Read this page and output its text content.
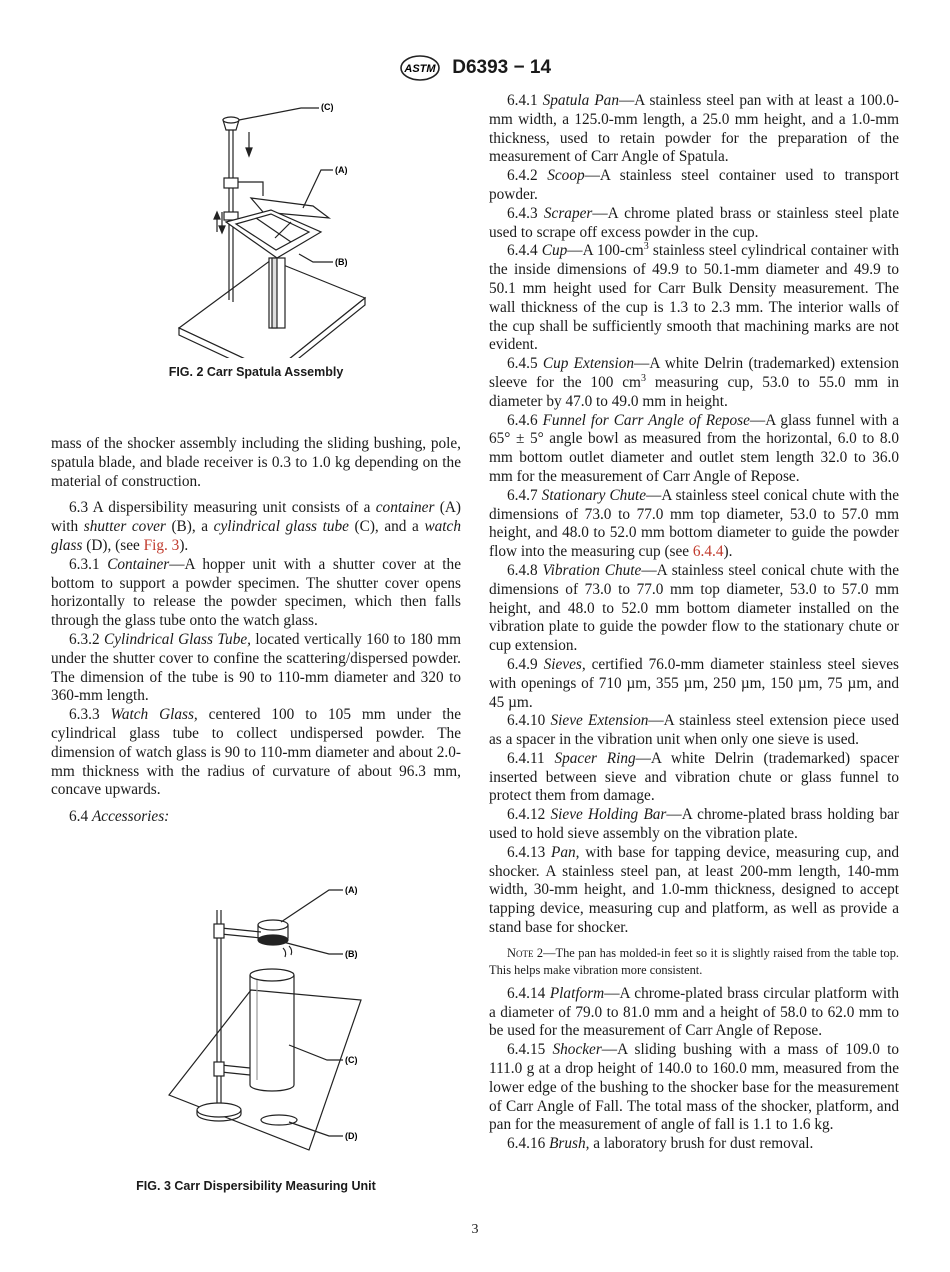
ASTM D6393 − 14
(C)
(A)
(B)
FIG. 2 Carr Spatula Assembly

mass of the shocker assembly including the sliding bushing, pole, spatula blade, and blade receiver is 0.3 to 1.0 kg depending on the material of construction.

6.3 A dispersibility measuring unit consists of a container (A) with shutter cover (B), a cylindrical glass tube (C), and a watch glass (D), (see Fig. 3).

6.3.1 Container—A hopper unit with a shutter cover at the bottom to support a powder specimen. The shutter cover opens horizontally to release the powder specimen, which then falls through the glass tube onto the watch glass.

6.3.2 Cylindrical Glass Tube, located vertically 160 to 180 mm under the shutter cover to confine the scattering/dispersed powder. The dimension of the tube is 90 to 110-mm diameter and 320 to 360-mm length.

6.3.3 Watch Glass, centered 100 to 105 mm under the cylindrical glass tube to collect undispersed powder. The dimension of watch glass is 90 to 110-mm diameter and about 2.0-mm thickness with the radius of curvature of about 96.3 mm, concave upwards.

6.4 Accessories:

(A)
(B)
(C)
(D)
FIG. 3 Carr Dispersibility Measuring Unit

6.4.1 Spatula Pan—A stainless steel pan with at least a 100.0-mm width, a 125.0-mm length, a 25.0 mm height, and a 1.0-mm thickness, used to retain powder for the preparation of the measurement of Carr Angle of Spatula.

6.4.2 Scoop—A stainless steel container used to transport powder.

6.4.3 Scraper—A chrome plated brass or stainless steel plate used to scrape off excess powder in the cup.

6.4.4 Cup—A $100-cm^3$ stainless steel cylindrical container with the inside dimensions of 49.9 to 50.1-mm diameter and 49.9 to 50.1 mm height used for Carr Bulk Density measurement. The wall thickness of the cup is 1.3 to 2.3 mm. The interior walls of the cup shall be sufficiently smooth that machining marks are not evident.

6.4.5 Cup Extension—A white Delrin (trademarked) extension sleeve for the 100 $cm^3$ measuring cup, 53.0 to 55.0 mm in diameter by 47.0 to 49.0 mm in height.

6.4.6 Funnel for Carr Angle of Repose—A glass funnel with a 65° ± 5° angle bowl as measured from the horizontal, 6.0 to 8.0 mm bottom outlet diameter and outlet stem length 32.0 to 36.0 mm for the measurement of Carr Angle of Repose.

6.4.7 Stationary Chute—A stainless steel conical chute with the dimensions of 73.0 to 77.0 mm top diameter, 53.0 to 57.0 mm height, and 48.0 to 52.0 mm bottom diameter to guide the powder flow into the measuring cup (see 6.4.4).

6.4.8 Vibration Chute—A stainless steel conical chute with the dimensions of 73.0 to 77.0 mm top diameter, 53.0 to 57.0 mm height, and 48.0 to 52.0 mm bottom diameter installed on the vibration plate to guide the powder flow to the stationary chute or cup extension.

6.4.9 Sieves, certified 76.0-mm diameter stainless steel sieves with openings of 710 µm, 355 µm, 250 µm, 150 µm, 75 µm, and 45 µm.

6.4.10 Sieve Extension—A stainless steel extension piece used as a spacer in the vibration unit when only one sieve is used.

6.4.11 Spacer Ring—A white Delrin (trademarked) spacer inserted between sieve and vibration chute or glass funnel to protect them from damage.

6.4.12 Sieve Holding Bar—A chrome-plated brass holding bar used to hold sieve assembly on the vibration plate.

6.4.13 Pan, with base for tapping device, measuring cup, and shocker. A stainless steel pan, at least 200-mm length, 140-mm width, 30-mm height, and 1.0-mm thickness, designed to accept tapping device, measuring cup and platform, as well as provide a stand base for shocker.

Note 2—The pan has molded-in feet so it is slightly raised from the table top. This helps make vibration more consistent.

6.4.14 Platform—A chrome-plated brass circular platform with a diameter of 79.0 to 81.0 mm and a height of 58.0 to 62.0 mm to be used for the measurement of Carr Angle of Repose.

6.4.15 Shocker—A sliding bushing with a mass of 109.0 to 111.0 g at a drop height of 140.0 to 160.0 mm, measured from the lower edge of the bushing to the shocker base for the measurement of Carr Angle of Fall. The total mass of the shocker, platform, and pan for the measurement of angle of fall is 1.1 to 1.6 kg.

6.4.16 Brush, a laboratory brush for dust removal.

3
